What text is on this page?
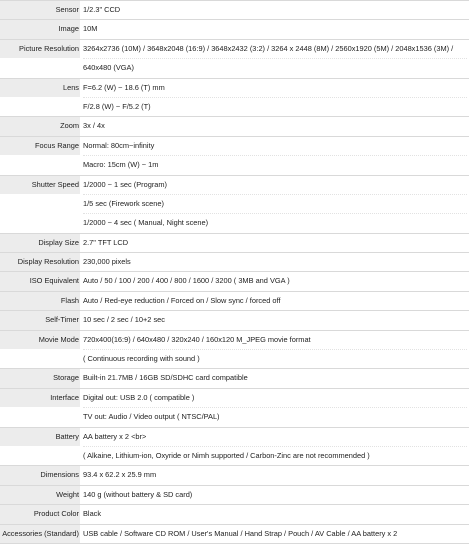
Sensor 1/2.3" CCD
Image 10M
Picture Resolution 3264x2736 (10M) / 3648x2048 (16:9) / 3648x2432 (3:2) / 3264 x 2448 (8M) / 2560x1920 (5M) / 2048x1536 (3M) /
640x480 (VGA)
Lens F=6.2 (W) ~ 18.6 (T) mm
F/2.8 (W) ~ F/5.2 (T)
Zoom 3x / 4x
Focus Range Normal: 80cm~infinity
Macro: 15cm (W) ~ 1m
Shutter Speed 1/2000 ~ 1 sec (Program)
1/5 sec (Firework scene)
1/2000 ~ 4 sec ( Manual, Night scene)
Display Size 2.7" TFT LCD
Display Resolution 230,000 pixels
ISO Equivalent Auto / 50 / 100 / 200 / 400 / 800 / 1600 / 3200 ( 3MB and VGA )
Flash Auto / Red-eye reduction / Forced on / Slow sync / forced off
Self-Timer 10 sec / 2 sec / 10+2 sec
Movie Mode 720x400(16:9) / 640x480 / 320x240 / 160x120 M_JPEG movie format
( Continuous recording with sound )
Storage Built-in 21.7MB / 16GB SD/SDHC card compatible
Interface Digital out: USB 2.0 ( compatible )
TV out: Audio / Video output ( NTSC/PAL)
Battery AA battery x 2 <br>
( Alkaine, Lithium-ion, Oxyride or Nimh supported / Carbon-Zinc are not recommended )
Dimensions 93.4 x 62.2 x 25.9 mm
Weight 140 g (without battery & SD card)
Product Color Black
Accessories (Standard) USB cable / Software CD ROM / User's Manual / Hand Strap / Pouch / AV Cable / AA battery x 2
